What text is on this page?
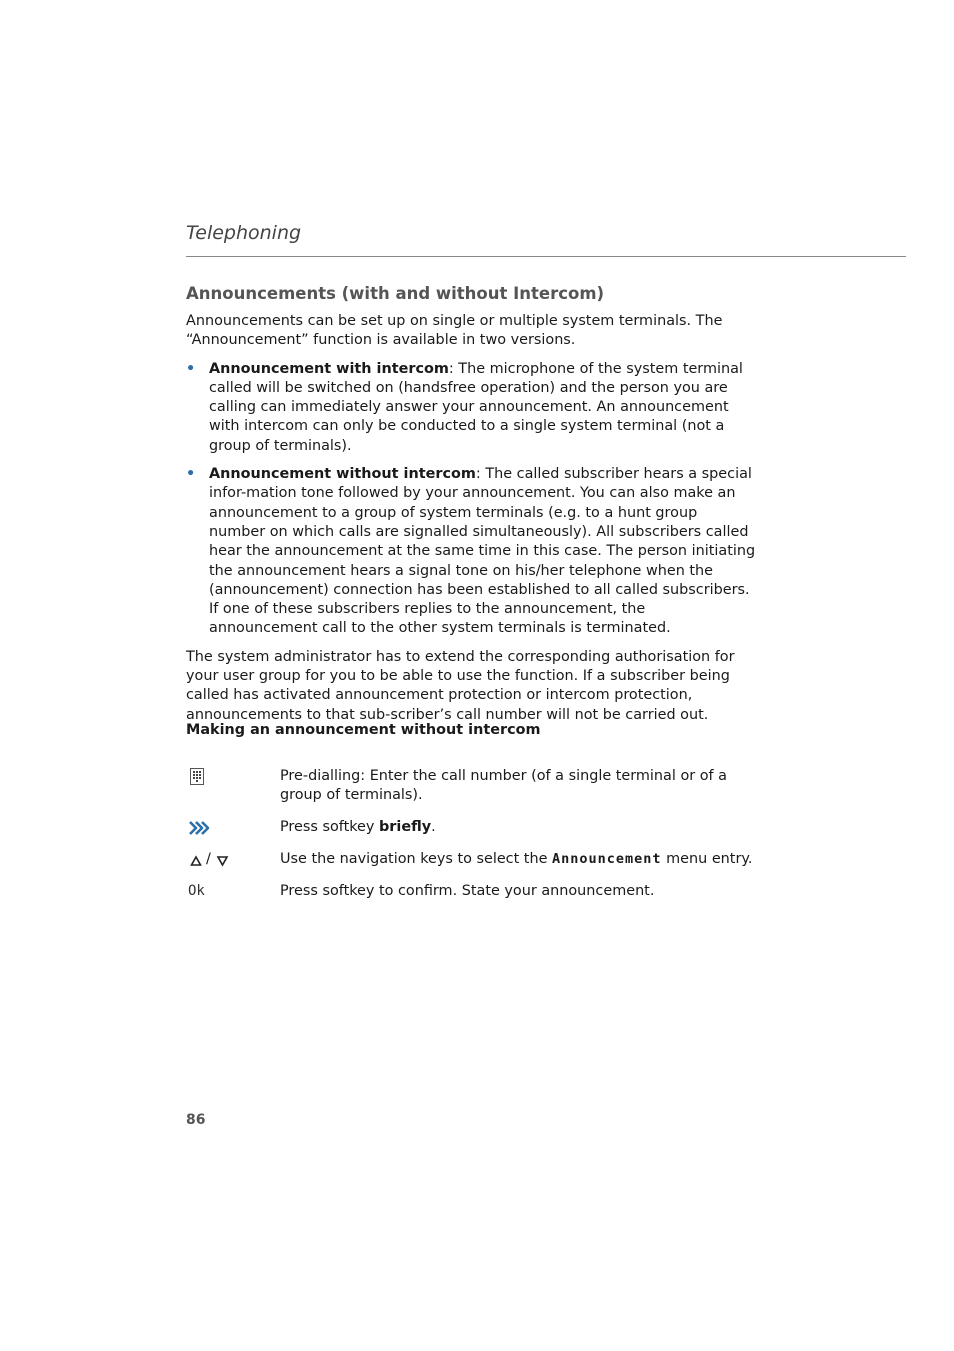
Telephoning
Announcements (with and without Intercom)

Announcements can be set up on single or multiple system terminals. The “Announcement” function is available in two versions.

• Announcement with intercom: The microphone of the system terminal called will be switched on (handsfree operation) and the person you are calling can immediately answer your announcement. An announcement with intercom can only be conducted to a single system terminal (not a group of terminals).
• Announcement without intercom: The called subscriber hears a special infor-mation tone followed by your announcement. You can also make an announcement to a group of system terminals (e.g. to a hunt group number on which calls are signalled simultaneously). All subscribers called hear the announcement at the same time in this case. The person initiating the announcement hears a signal tone on his/her telephone when the (announcement) connection has been established to all called subscribers. If one of these subscribers replies to the announcement, the announcement call to the other system terminals is terminated.

The system administrator has to extend the corresponding authorisation for your user group for you to be able to use the function. If a subscriber being called has activated announcement protection or intercom protection, announcements to that sub-scriber’s call number will not be carried out.

Making an announcement without intercom
Pre-dialling: Enter the call number (of a single terminal or of a group of terminals).
Press softkey briefly.
/	Use the navigation keys to select the Announcement menu entry.
Ok	Press softkey to confirm. State your announcement.
86
